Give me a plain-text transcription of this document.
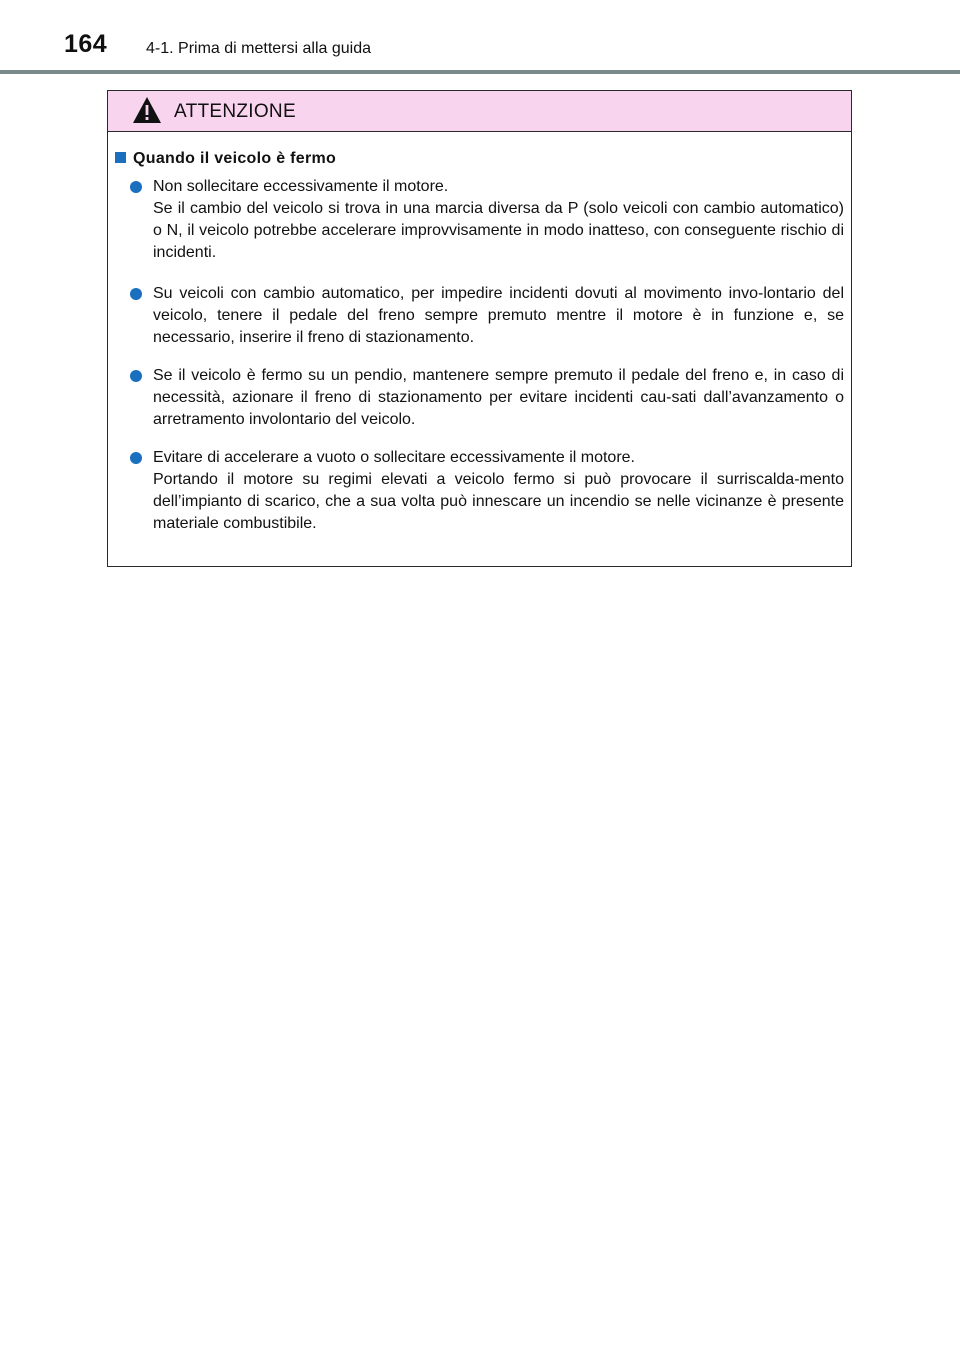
164 4-1. Prima di mettersi alla guida
ATTENZIONE
Quando il veicolo è fermo
Non sollecitare eccessivamente il motore.
Se il cambio del veicolo si trova in una marcia diversa da P (solo veicoli con cambio automatico) o N, il veicolo potrebbe accelerare improvvisamente in modo inatteso, con conseguente rischio di incidenti.
Su veicoli con cambio automatico, per impedire incidenti dovuti al movimento invo-lontario del veicolo, tenere il pedale del freno sempre premuto mentre il motore è in funzione e, se necessario, inserire il freno di stazionamento.
Se il veicolo è fermo su un pendio, mantenere sempre premuto il pedale del freno e, in caso di necessità, azionare il freno di stazionamento per evitare incidenti cau-sati dall’avanzamento o arretramento involontario del veicolo.
Evitare di accelerare a vuoto o sollecitare eccessivamente il motore.
Portando il motore su regimi elevati a veicolo fermo si può provocare il surriscalda-mento dell’impianto di scarico, che a sua volta può innescare un incendio se nelle vicinanze è presente materiale combustibile.
